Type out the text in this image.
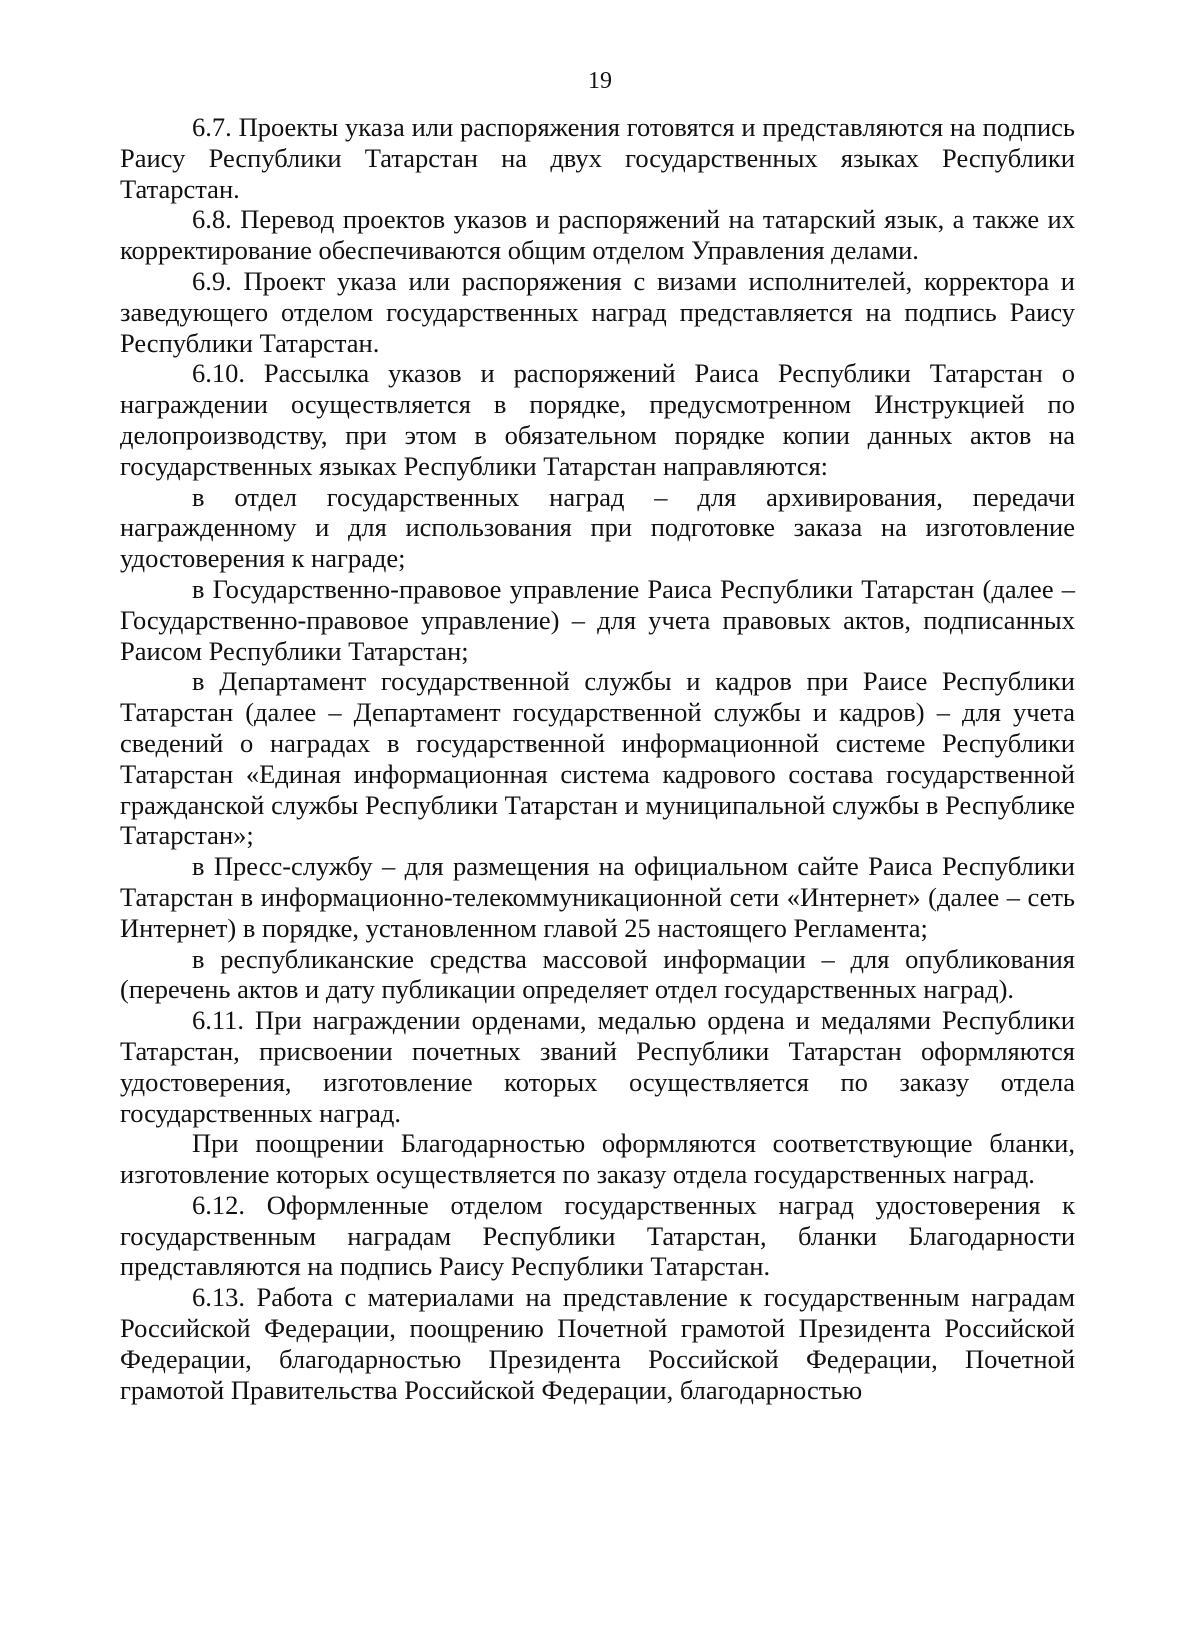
19

6.7. Проекты указа или распоряжения готовятся и представляются на подпись Раису Республики Татарстан на двух государственных языках Республики Татарстан.

6.8. Перевод проектов указов и распоряжений на татарский язык, а также их корректирование обеспечиваются общим отделом Управления делами.

6.9. Проект указа или распоряжения с визами исполнителей, корректора и заведующего отделом государственных наград представляется на подпись Раису Республики Татарстан.

6.10. Рассылка указов и распоряжений Раиса Республики Татарстан о награждении осуществляется в порядке, предусмотренном Инструкцией по делопроизводству, при этом в обязательном порядке копии данных актов на государственных языках Республики Татарстан направляются:

в отдел государственных наград – для архивирования, передачи награжденному и для использования при подготовке заказа на изготовление удостоверения к награде;

в Государственно-правовое управление Раиса Республики Татарстан (далее – Государственно-правовое управление) – для учета правовых актов, подписанных Раисом Республики Татарстан;

в Департамент государственной службы и кадров при Раисе Республики Татарстан (далее – Департамент государственной службы и кадров) – для учета сведений о наградах в государственной информационной системе Республики Татарстан «Единая информационная система кадрового состава государственной гражданской службы Республики Татарстан и муниципальной службы в Республике Татарстан»;

в Пресс-службу – для размещения на официальном сайте Раиса Республики Татарстан в информационно-телекоммуникационной сети «Интернет» (далее – сеть Интернет) в порядке, установленном главой 25 настоящего Регламента;

в республиканские средства массовой информации – для опубликования (перечень актов и дату публикации определяет отдел государственных наград).

6.11. При награждении орденами, медалью ордена и медалями Республики Татарстан, присвоении почетных званий Республики Татарстан оформляются удостоверения, изготовление которых осуществляется по заказу отдела государственных наград.

При поощрении Благодарностью оформляются соответствующие бланки, изготовление которых осуществляется по заказу отдела государственных наград.

6.12. Оформленные отделом государственных наград удостоверения к государственным наградам Республики Татарстан, бланки Благодарности представляются на подпись Раису Республики Татарстан.

6.13. Работа с материалами на представление к государственным наградам Российской Федерации, поощрению Почетной грамотой Президента Российской Федерации, благодарностью Президента Российской Федерации, Почетной грамотой Правительства Российской Федерации, благодарностью
